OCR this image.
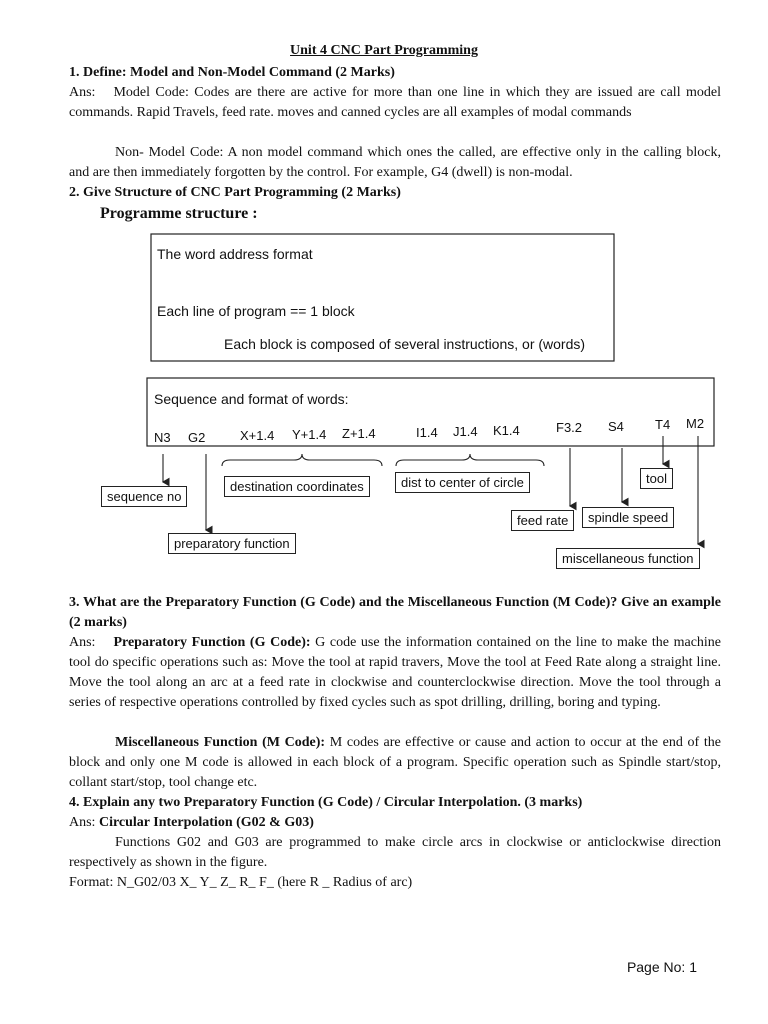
Unit 4 CNC Part Programming
1. Define: Model and Non-Model Command (2 Marks)
Ans: Model Code: Codes are there are active for more than one line in which they are issued are call model commands. Rapid Travels, feed rate. moves and canned cycles are all examples of modal commands
Non- Model Code: A non model command which ones the called, are effective only in the calling block, and are then immediately forgotten by the control. For example, G4 (dwell) is non-modal.
2. Give Structure of CNC Part Programming (2 Marks)
Programme structure :
The word address format
Each line of program == 1 block
Each block is composed of several instructions, or (words)
Sequence and format of words:
N3 G2	X+1.4 Y+1.4 Z+1.4	I1.4 J1.4 K1.4	F3.2 S4 T4 M2
sequence no
preparatory function
destination coordinates	dist to center of circle
feed rate	spindle speed
tool
miscellaneous function
3. What are the Preparatory Function (G Code) and the Miscellaneous Function (M Code)? Give an example (2 marks)
Ans: Preparatory Function (G Code): G code use the information contained on the line to make the machine tool do specific operations such as: Move the tool at rapid travers, Move the tool at Feed Rate along a straight line. Move the tool along an arc at a feed rate in clockwise and counterclockwise direction. Move the tool through a series of respective operations controlled by fixed cycles such as spot drilling, drilling, boring and typing.
Miscellaneous Function (M Code): M codes are effective or cause and action to occur at the end of the block and only one M code is allowed in each block of a program. Specific operation such as Spindle start/stop, collant start/stop, tool change etc.
4. Explain any two Preparatory Function (G Code) / Circular Interpolation. (3 marks)
Ans: Circular Interpolation (G02 & G03)
Functions G02 and G03 are programmed to make circle arcs in clockwise or anticlockwise direction respectively as shown in the figure.
Format: N_G02/03 X_ Y_ Z_ R_ F_ (here R _ Radius of arc)
Page No: 1
